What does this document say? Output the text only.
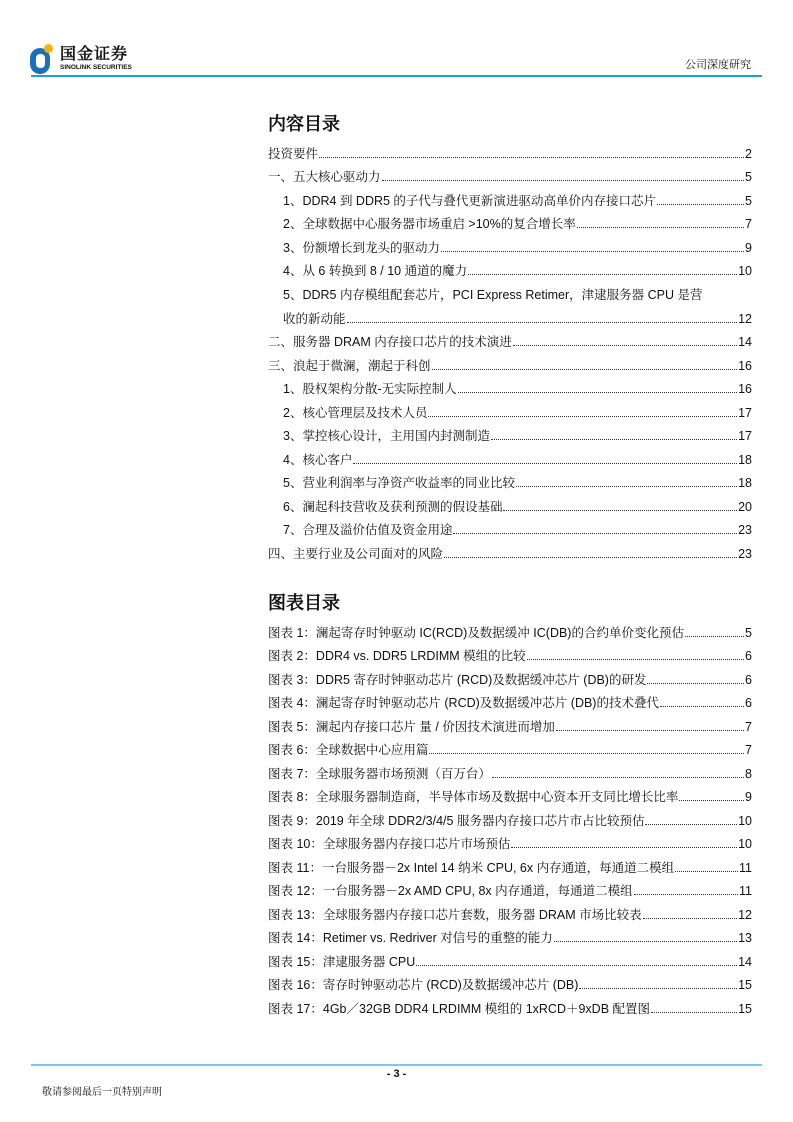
国金证券
SINOLINK SECURITIES	公司深度研究
内容目录
投资要件	2
一、五大核心驱动力	5
1、DDR4 到 DDR5 的子代与叠代更新演进驱动高单价内存接口芯片	5
2、全球数据中心服务器市场重启 >10%的复合增长率	7
3、份额增长到龙头的驱动力	9
4、从 6 转换到 8 / 10 通道的魔力	10
5、DDR5 内存模组配套芯片，PCI Express Retimer，津逮服务器 CPU 是营
收的新动能	12
二、服务器 DRAM 内存接口芯片的技术演进	14
三、浪起于微澜，潮起于科创	16
1、股权架构分散-无实际控制人	16
2、核心管理层及技术人员	17
3、掌控核心设计，主用国内封测制造	17
4、核心客户	18
5、营业利润率与净资产收益率的同业比较	18
6、澜起科技营收及获利预测的假设基础	20
7、合理及溢价估值及资金用途	23
四、主要行业及公司面对的风险	23
图表目录
图表 1：澜起寄存时钟驱动 IC(RCD)及数据缓冲 IC(DB)的合约单价变化预估	5
图表 2：DDR4 vs. DDR5 LRDIMM 模组的比较	6
图表 3：DDR5 寄存时钟驱动芯片 (RCD)及数据缓冲芯片 (DB)的研发	6
图表 4：澜起寄存时钟驱动芯片 (RCD)及数据缓冲芯片 (DB)的技术叠代	6
图表 5：澜起内存接口芯片 量 / 价因技术演进而增加	7
图表 6：全球数据中心应用篇	7
图表 7：全球服务器市场预测（百万台）	8
图表 8：全球服务器制造商，半导体市场及数据中心资本开支同比增长比率	9
图表 9：2019 年全球 DDR2/3/4/5 服务器内存接口芯片市占比较预估	10
图表 10：全球服务器内存接口芯片市场预估	10
图表 11：一台服务器－2x Intel 14 纳米 CPU, 6x 内存通道，每通道二模组	11
图表 12：一台服务器－2x AMD CPU, 8x 内存通道，每通道二模组	11
图表 13：全球服务器内存接口芯片套数，服务器 DRAM 市场比较表	12
图表 14：Retimer vs. Redriver 对信号的重整的能力	13
图表 15：津逮服务器 CPU	14
图表 16：寄存时钟驱动芯片 (RCD)及数据缓冲芯片 (DB)	15
图表 17：4Gb／32GB DDR4 LRDIMM 模组的 1xRCD＋9xDB 配置图	15
- 3 -
敬请参阅最后一页特别声明
